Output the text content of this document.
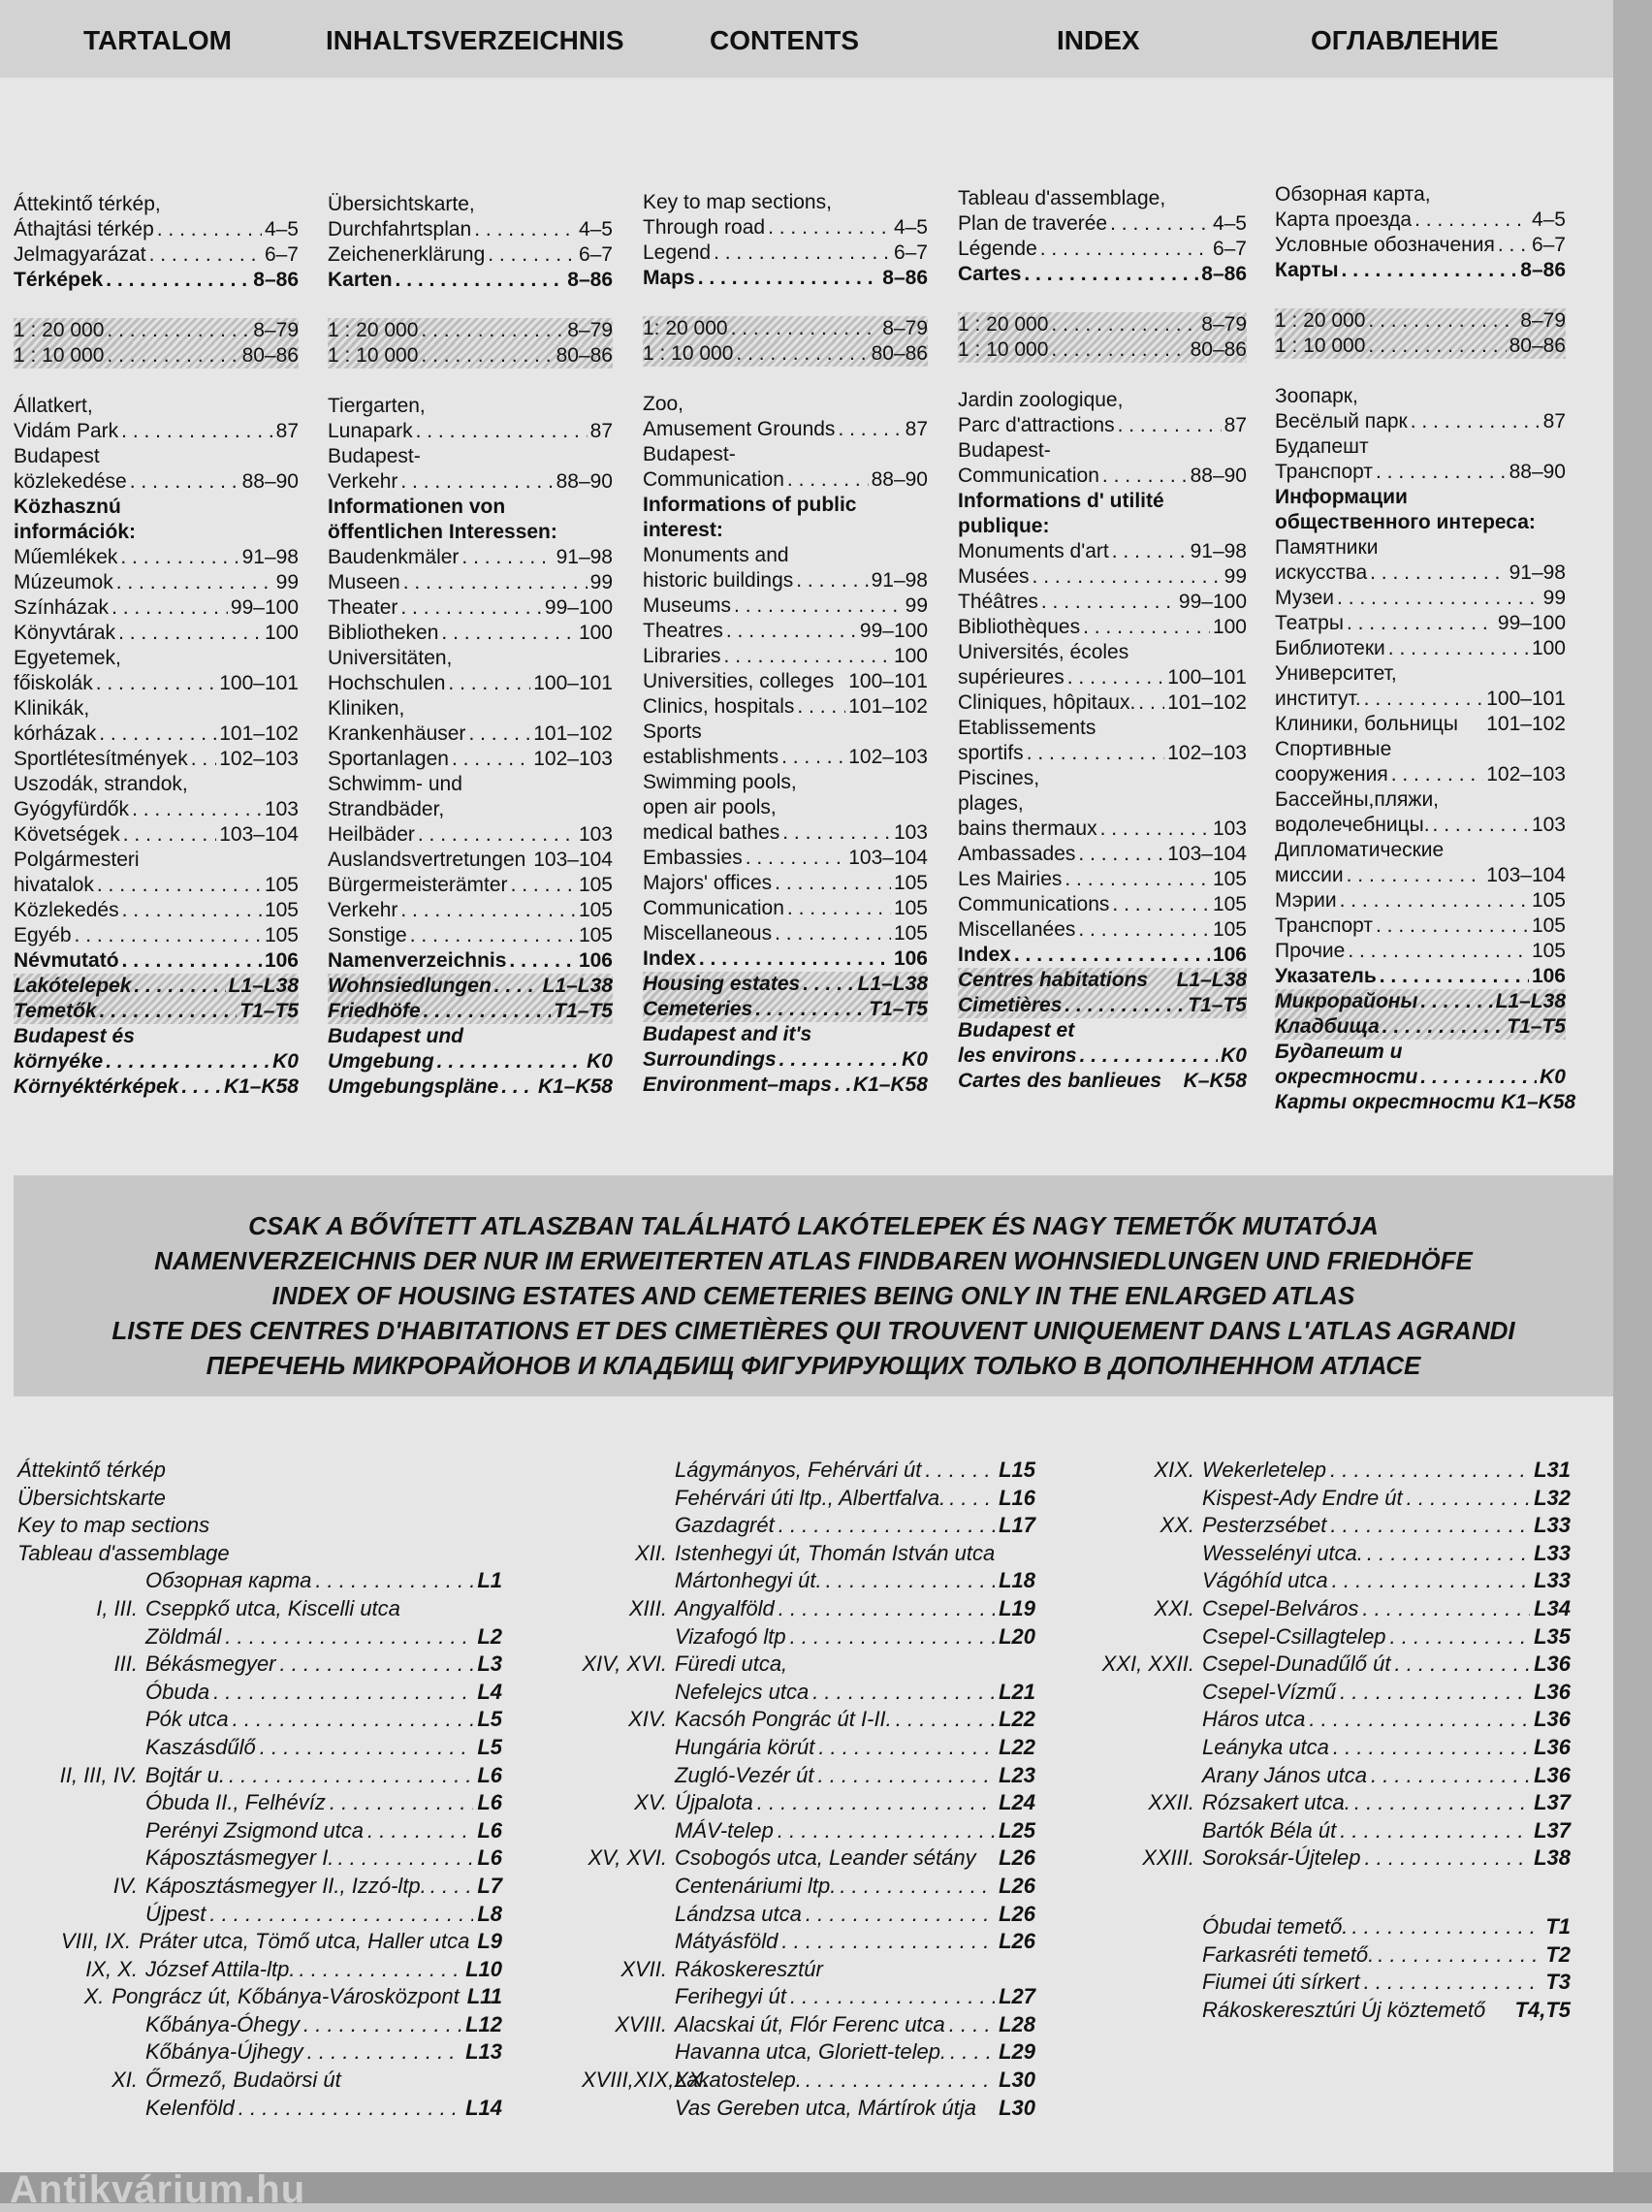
Antikvárium.hu
TARTALOM	INHALTSVERZEICHNIS	CONTENTS	INDEX	ОГЛАВЛЕНИЕ
Áttekintő térkép,
Áthajtási térkép . . .	4–5
Jelmagyarázat . . .	6–7
Térképek . . .	8–86
1 : 20 000 . . .	8–79
1 : 10 000 . . .	80–86
Állatkert,
Vidám Park . . .	87
Budapest
közlekedése . . .	88–90
Közhasznú
információk:
Műemlékek . . .	91–98
Múzeumok . . .	99
Színházak . . .	99–100
Könyvtárak . . .	100
Egyetemek,
főiskolák . . .	100–101
Klinikák,
kórházak . . .	101–102
Sportlétesítmények . . . 102–103
Uszodák, strandok,
Gyógyfürdők . . .	103
Követségek . . .	103–104
Polgármesteri
hivatalok . . .	105
Közlekedés . . .	105
Egyéb . . .	105
Névmutató . . .	106
Lakótelepek . . .	L1–L38
Temetők . . .	T1–T5
Budapest és
környéke . . .	K0
Környéktérképek . . . K1–K58
Übersichtskarte,
Durchfahrtsplan . . .	4–5
Zeichenerklärung . . .	6–7
Karten . . .	8–86
1 : 20 000 . . .	8–79
1 : 10 000 . . .	80–86
Tiergarten,
Lunapark . . .	87
Budapest-
Verkehr . . .	88–90
Informationen von
öffentlichen Interessen:
Baudenkmäler . . .	91–98
Museen . . .	99
Theater . . .	99–100
Bibliotheken . . .	100
Universitäten,
Hochschulen . . .	100–101
Kliniken,
Krankenhäuser . . .	101–102
Sportanlagen . . .	102–103
Schwimm- und
Strandbäder,
Heilbäder . . .	103
Auslandsvertretungen 103–104
Bürgermeisterämter . . .	105
Verkehr . . .	105
Sonstige . . .	105
Namenverzeichnis . . .	106
Wohnsiedlungen . . .	L1–L38
Friedhöfe . . .	T1–T5
Budapest und
Umgebung . . .	K0
Umgebungspläne . . . K1–K58
Key to map sections,
Through road . . .	4–5
Legend . . .	6–7
Maps . . .	8–86
1: 20 000 . . .	8–79
1 : 10 000 . . .	80–86
Zoo,
Amusement Grounds . . .	87
Budapest-
Communication . . .	88–90
Informations of public
interest:
Monuments and
historic buildings . . .	91–98
Museums . . .	99
Theatres . . .	99–100
Libraries . . .	100
Universities, colleges 100–101
Clinics, hospitals . . .	101–102
Sports
establishments . . .	102–103
Swimming pools,
open air pools,
medical bathes . . .	103
Embassies . . .	103–104
Majors' offices . . .	105
Communication . . .	105
Miscellaneous . . .	105
Index . . .	106
Housing estates . . .	L1–L38
Cemeteries . . .	T1–T5
Budapest and it's
Surroundings . . .	K0
Environment–maps . . . K1–K58
Tableau d'assemblage,
Plan de traverée . . .	4–5
Légende . . .	6–7
Cartes . . .	8–86
1 : 20 000 . . .	8–79
1 : 10 000 . . .	80–86
Jardin zoologique,
Parc d'attractions . . .	87
Budapest-
Communication . . .	88–90
Informations d' utilité
publique:
Monuments d'art . . .	91–98
Musées . . .	99
Théâtres . . .	99–100
Bibliothèques . . .	100
Universités, écoles
supérieures . . .	100–101
Cliniques, hôpitaux. . . . 101–102
Etablissements
sportifs . . .	102–103
Piscines,
plages,
bains thermaux . . .	103
Ambassades . . .	103–104
Les Mairies . . .	105
Communications . . .	105
Miscellanées . . .	105
Index . . .	106
Centres habitations L1–L38
Cimetières . . .	T1–T5
Budapest et
les environs . . .	K0
Cartes des banlieues K–K58
Обзорная карта,
Карта проезда . . .	4–5
Условные обозначения . . . 6–7
Карты . . .	8–86
1 : 20 000 . . .	8–79
1 : 10 000 . . .	80–86
Зоопарк,
Весёлый парк . . .	87
Будапешт
Транспорт . . .	88–90
Информации
общественного интереса:
Памятники
искусства . . .	91–98
Музеи . . .	99
Театры . . .	99–100
Библиотеки . . .	100
Университет,
институт. . . .	100–101
Клиники, больницы 101–102
Спортивные
сооружения . . .	102–103
Бассейны,пляжи,
водолечебницы. . . .	103
Дипломатические
миссии . . .	103–104
Мэрии . . .	105
Транспорт . . .	105
Прочие . . .	105
Указатель . . .	106
Микрорайоны . . .	L1–L38
Кладбища . . .	T1–T5
Будапешт и
окрестности . . .	K0
Карты окрестности K1–K58
CSAK A BŐVÍTETT ATLASZBAN TALÁLHATÓ LAKÓTELEPEK ÉS NAGY TEMETŐK MUTATÓJA
NAMENVERZEICHNIS DER NUR IM ERWEITERTEN ATLAS FINDBAREN WOHNSIEDLUNGEN UND FRIEDHÖFE
INDEX OF HOUSING ESTATES AND CEMETERIES BEING ONLY IN THE ENLARGED ATLAS
LISTE DES CENTRES D'HABITATIONS ET DES CIMETIÈRES QUI TROUVENT UNIQUEMENT DANS L'ATLAS AGRANDI
ПЕРЕЧЕНЬ МИКРОРАЙОНОВ И КЛАДБИЩ ФИГУРИРУЮЩИХ ТОЛЬКО В ДОПОЛНЕННОМ АТЛАСЕ
Áttekintő térkép
Übersichtskarte
Key to map sections
Tableau d'assemblage
Обзорная карта . . .	L1
I, III. Cseppkő utca, Kiscelli utca
Zöldmál . . .	L2
III. Békásmegyer . . .	L3
Óbuda . . .	L4
Pók utca . . .	L5
Kaszásdűlő . . .	L5
II, III, IV. Bojtár u. . . .	L6
Óbuda II., Felhévíz . . .	L6
Perényi Zsigmond utca . . .	L6
Káposztásmegyer I. . . .	L6
IV. Káposztásmegyer II., Izzó-ltp. . . . L7
Újpest . . .	L8
VIII, IX. Práter utca, Tömő utca, Haller utca L9
IX, X. József Attila-ltp. . . .	L10
X. Pongrácz út, Kőbánya-Városközpont L11
Kőbánya-Óhegy . . .	L12
Kőbánya-Újhegy . . .	L13
XI. Őrmező, Budaörsi út
Kelenföld . . .	L14
Lágymányos, Fehérvári út . . .	L15
Fehérvári úti ltp., Albertfalva. . . . L16
Gazdagrét . . .	L17
XII. Istenhegyi út, Thomán István utca
Mártonhegyi út. . . .	L18
XIII. Angyalföld . . .	L19
Vizafogó ltp . . .	L20
XIV, XVI. Füredi utca,
Nefelejcs utca . . .	L21
XIV. Kacsóh Pongrác út I-II. . . .	L22
Hungária körút . . .	L22
Zugló-Vezér út . . .	L23
XV. Újpalota . . .	L24
MÁV-telep . . .	L25
XV, XVI. Csobogós utca, Leander sétány L26
Centenáriumi ltp. . . .	L26
Lándzsa utca . . .	L26
Mátyásföld . . .	L26
XVII. Rákoskeresztúr
Ferihegyi út . . .	L27
XVIII. Alacskai út, Flór Ferenc utca . . .	L28
Havanna utca, Gloriett-telep. . . . L29
XVIII,XIX,XX.
Lakatostelep. . . .	L30
Vas Gereben utca, Mártírok útja L30
XIX. Wekerletelep . . .	L31
Kispest-Ady Endre út . . .	L32
XX. Pesterzsébet . . .	L33
Wesselényi utca. . . .	L33
Vágóhíd utca . . .	L33
XXI. Csepel-Belváros . . .	L34
Csepel-Csillagtelep . . .	L35
XXI, XXII. Csepel-Dunadűlő út . . .	L36
Csepel-Vízmű . . .	L36
Háros utca . . .	L36
Leányka utca . . .	L36
Arany János utca . . .	L36
XXII. Rózsakert utca. . . .	L37
Bartók Béla út . . .	L37
XXIII. Soroksár-Újtelep . . .	L38
Óbudai temető. . . .	T1
Farkasréti temető. . . .	T2
Fiumei úti sírkert . . .	T3
Rákoskeresztúri Új köztemető T4,T5
